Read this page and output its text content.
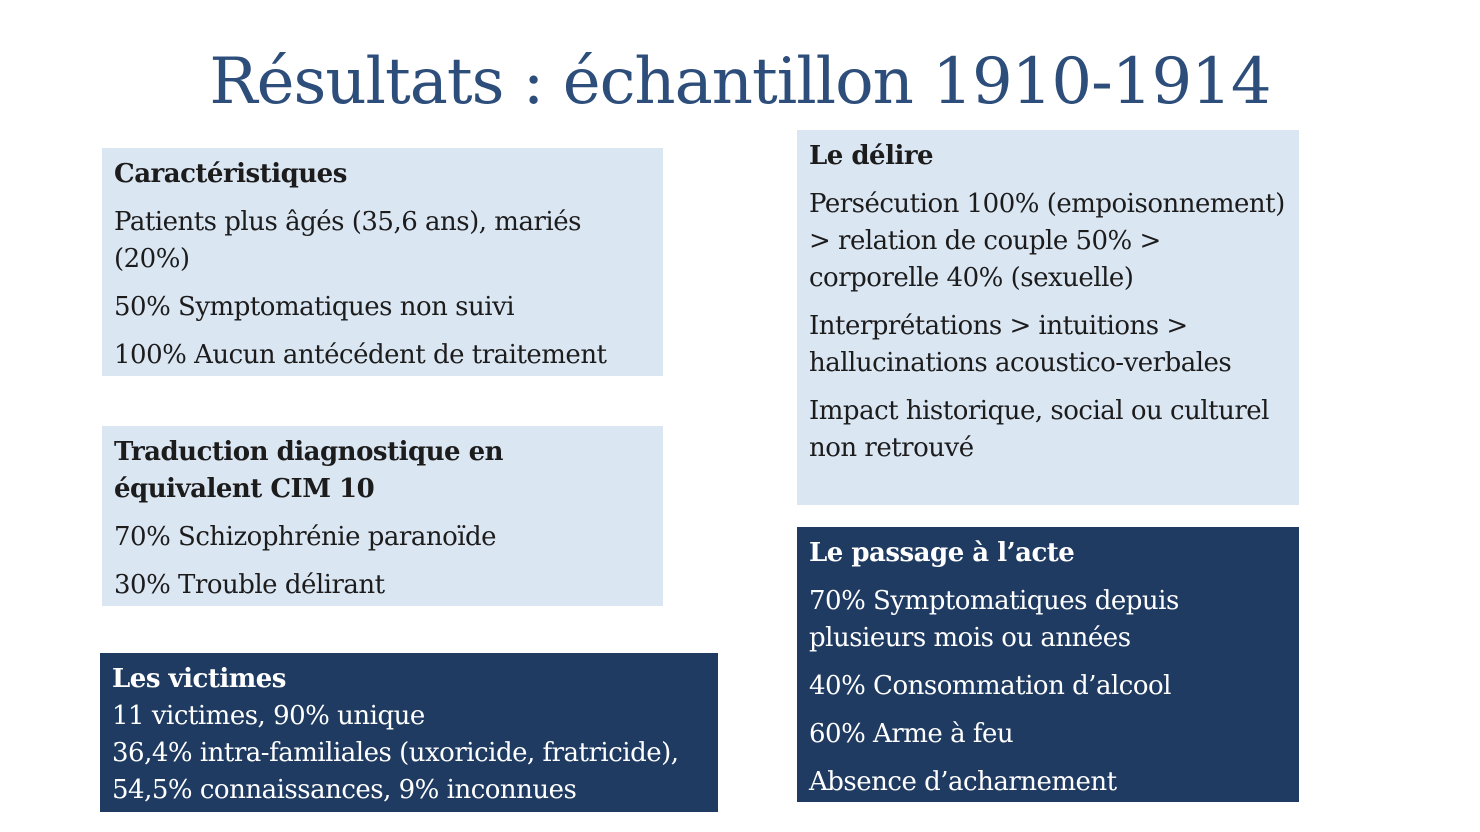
Résultats : échantillon 1910-1914

Caractéristiques

Patients plus âgés (35,6 ans), mariés (20%)

50% Symptomatiques non suivi

100% Aucun antécédent de traitement

Traduction diagnostique en équivalent CIM 10

70% Schizophrénie paranoïde

30% Trouble délirant

Les victimes

11 victimes, 90% unique

36,4% intra-familiales (uxoricide, fratricide), 54,5% connaissances, 9% inconnues

Le délire

Persécution 100% (empoisonnement) > relation de couple 50% > corporelle 40% (sexuelle)

Interprétations > intuitions > hallucinations acoustico-verbales

Impact historique, social ou culturel non retrouvé

Le passage à l’acte

70% Symptomatiques depuis plusieurs mois ou années

40% Consommation d’alcool

60% Arme à feu

Absence d’acharnement
